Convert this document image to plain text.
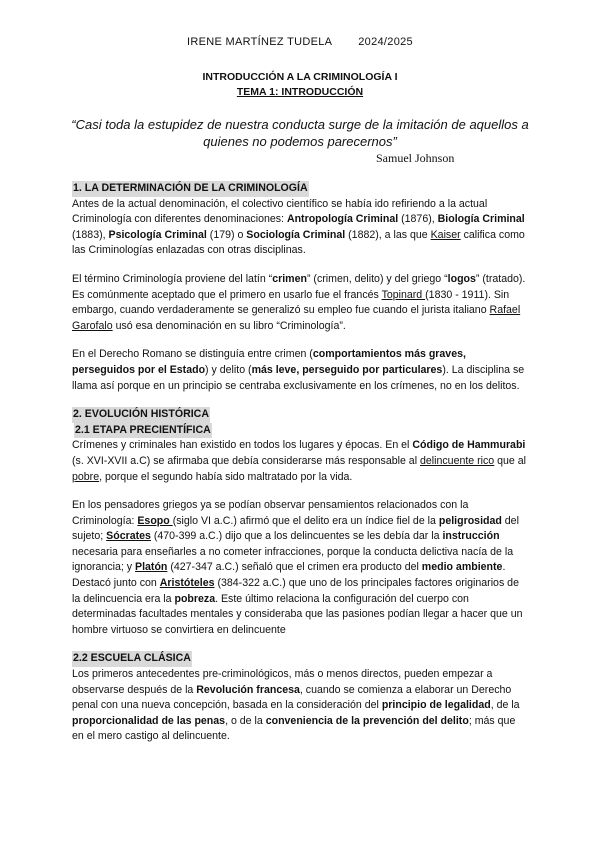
IRENE MARTÍNEZ TUDELA 2024/2025
INTRODUCCIÓN A LA CRIMINOLOGÍA I
TEMA 1: INTRODUCCIÓN
“Casi toda la estupidez de nuestra conducta surge de la imitación de aquellos a quienes no podemos parecernos”
Samuel Johnson
1. LA DETERMINACIÓN DE LA CRIMINOLOGÍA

Antes de la actual denominación, el colectivo científico se había ido refiriendo a la actual Criminología con diferentes denominaciones: Antropología Criminal (1876), Biología Criminal (1883), Psicología Criminal (179) o Sociología Criminal (1882), a las que Kaiser califica como las Criminologías enlazadas con otras disciplinas.

El término Criminología proviene del latín “crimen” (crimen, delito) y del griego “logos” (tratado). Es comúnmente aceptado que el primero en usarlo fue el francés Topinard (1830 - 1911). Sin embargo, cuando verdaderamente se generalizó su empleo fue cuando el jurista italiano Rafael Garofalo usó esa denominación en su libro “Criminología”.

En el Derecho Romano se distinguía entre crimen (comportamientos más graves, perseguidos por el Estado) y delito (más leve, perseguido por particulares). La disciplina se llama así porque en un principio se centraba exclusivamente en los crímenes, no en los delitos.

2. EVOLUCIÓN HISTÓRICA
2.1 ETAPA PRECIENTÍFICA

Crímenes y criminales han existido en todos los lugares y épocas. En el Código de Hammurabi (s. XVI-XVII a.C) se afirmaba que debía considerarse más responsable al delincuente rico que al pobre, porque el segundo había sido maltratado por la vida.

En los pensadores griegos ya se podían observar pensamientos relacionados con la Criminología: Esopo (siglo VI a.C.) afirmó que el delito era un índice fiel de la peligrosidad del sujeto; Sócrates (470-399 a.C.) dijo que a los delincuentes se les debía dar la instrucción necesaria para enseñarles a no cometer infracciones, porque la conducta delictiva nacía de la ignorancia; y Platón (427-347 a.C.) señaló que el crimen era producto del medio ambiente. Destacó junto con Aristóteles (384-322 a.C.) que uno de los principales factores originarios de la delincuencia era la pobreza. Este último relaciona la configuración del cuerpo con determinadas facultades mentales y consideraba que las pasiones podían llegar a hacer que un hombre virtuoso se convirtiera en delincuente

2.2 ESCUELA CLÁSICA

Los primeros antecedentes pre-criminológicos, más o menos directos, pueden empezar a observarse después de la Revolución francesa, cuando se comienza a elaborar un Derecho penal con una nueva concepción, basada en la consideración del principio de legalidad, de la proporcionalidad de las penas, o de la conveniencia de la prevención del delito; más que en el mero castigo al delincuente.
